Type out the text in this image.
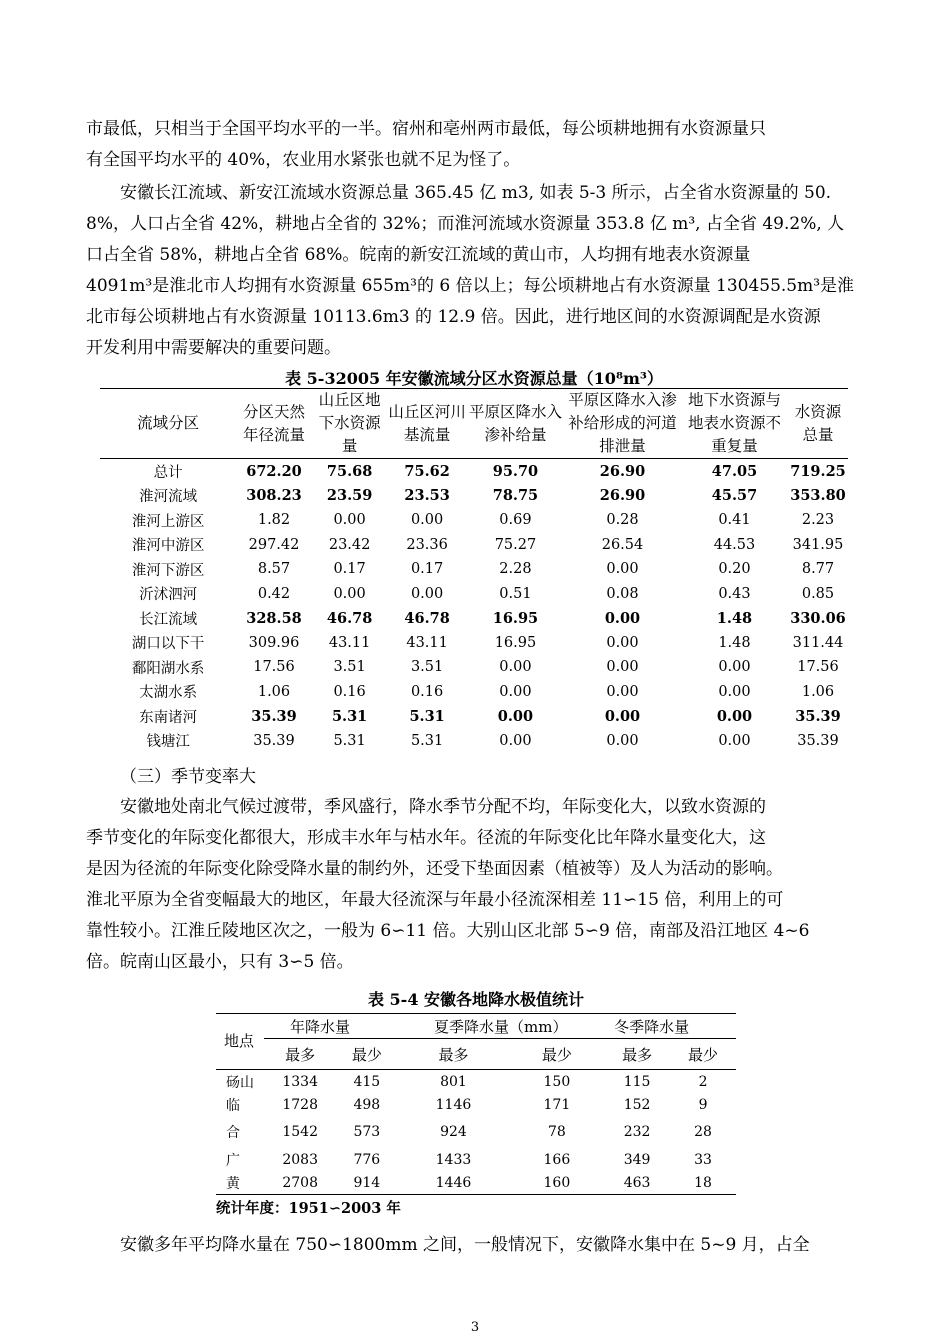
市最低，只相当于全国平均水平的一半。宿州和亳州两市最低，每公顷耕地拥有水资源量只
有全国平均水平的 40%，农业用水紧张也就不足为怪了。
　　安徽长江流域、新安江流域水资源总量 365.45 亿 m3, 如表 5-3 所示，占全省水资源量的 50.
8%，人口占全省 42%，耕地占全省的 32%；而淮河流域水资源量 353.8 亿 m³, 占全省 49.2%, 人
口占全省 58%，耕地占全省 68%。皖南的新安江流域的黄山市，人均拥有地表水资源量
4091m³是淮北市人均拥有水资源量 655m³的 6 倍以上；每公顷耕地占有水资源量 130455.5m³是淮
北市每公顷耕地占有水资源量 10113.6m3 的 12.9 倍。因此，进行地区间的水资源调配是水资源
开发利用中需要解决的重要问题。
表 5-32005 年安徽流域分区水资源总量（10⁸m³）
流域分区	分区天然年径流量	山丘区地下水资源量	山丘区河川基流量	平原区降水入渗补给量	平原区降水入渗补给形成的河道排泄量	地下水资源与地表水资源不重复量	水资源总量
总计	672.20	75.68	75.62	95.70	26.90	47.05	719.25
淮河流域	308.23	23.59	23.53	78.75	26.90	45.57	353.80
淮河上游区	1.82	0.00	0.00	0.69	0.28	0.41	2.23
淮河中游区	297.42	23.42	23.36	75.27	26.54	44.53	341.95
淮河下游区	8.57	0.17	0.17	2.28	0.00	0.20	8.77
沂沭泗河	0.42	0.00	0.00	0.51	0.08	0.43	0.85
长江流域	328.58	46.78	46.78	16.95	0.00	1.48	330.06
湖口以下干	309.96	43.11	43.11	16.95	0.00	1.48	311.44
鄱阳湖水系	17.56	3.51	3.51	0.00	0.00	0.00	17.56
太湖水系	1.06	0.16	0.16	0.00	0.00	0.00	1.06
东南诸河	35.39	5.31	5.31	0.00	0.00	0.00	35.39
钱塘江	35.39	5.31	5.31	0.00	0.00	0.00	35.39
（三）季节变率大
　　安徽地处南北气候过渡带，季风盛行，降水季节分配不均，年际变化大，以致水资源的
季节变化的年际变化都很大，形成丰水年与枯水年。径流的年际变化比年降水量变化大，这
是因为径流的年际变化除受降水量的制约外，还受下垫面因素（植被等）及人为活动的影响。
淮北平原为全省变幅最大的地区，年最大径流深与年最小径流深相差 11∽15 倍，利用上的可
靠性较小。江淮丘陵地区次之，一般为 6∽11 倍。大别山区北部 5∽9 倍，南部及沿江地区 4~6
倍。皖南山区最小，只有 3∽5 倍。
表 5-4 安徽各地降水极值统计
地点	年降水量		夏季降水量（mm）		冬季降水量	
	最多	最少	最多	最少	最多	最少
砀山	1334	415	801	150	115	2
临	1728	498	1146	171	152	9
合	1542	573	924	78	232	28
广	2083	776	1433	166	349	33
黄	2708	914	1446	160	463	18
统计年度：1951∽2003 年
　　安徽多年平均降水量在 750∽1800mm 之间，一般情况下，安徽降水集中在 5~9 月，占全
3
